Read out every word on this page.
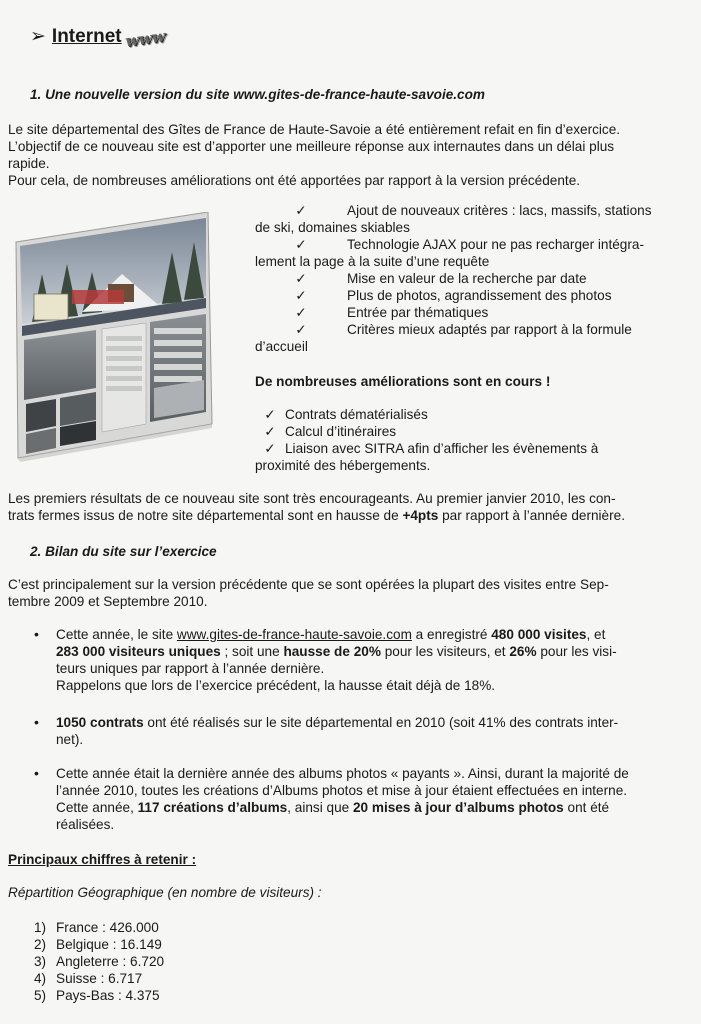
➢ Internet www
1. Une nouvelle version du site www.gites-de-france-haute-savoie.com

Le site départemental des Gîtes de France de Haute-Savoie a été entièrement refait en fin d’exercice.

L’objectif de ce nouveau site est d’apporter une meilleure réponse aux internautes dans un délai plus

rapide.

Pour cela, de nombreuses améliorations ont été apportées par rapport à la version précédente.

✓	Ajout de nouveaux critères : lacs, massifs, stations
de ski, domaines skiables
✓	Technologie AJAX pour ne pas recharger intégra-
lement la page à la suite d’une requête
✓	Mise en valeur de la recherche par date
✓	Plus de photos, agrandissement des photos
✓	Entrée par thématiques
✓	Critères mieux adaptés par rapport à la formule
d’accueil
De nombreuses améliorations sont en cours !
✓ Contrats dématérialisés
✓ Calcul d’itinéraires
✓ Liaison avec SITRA afin d’afficher les évènements à
proximité des hébergements.

Les premiers résultats de ce nouveau site sont très encourageants. Au premier janvier 2010, les con-

trats fermes issus de notre site départemental sont en hausse de +4pts par rapport à l’année dernière.

2. Bilan du site sur l’exercice

C’est principalement sur la version précédente que se sont opérées la plupart des visites entre Sep-

tembre 2009 et Septembre 2010.

• Cette année, le site www.gites-de-france-haute-savoie.com a enregistré 480 000 visites, et

283 000 visiteurs uniques ; soit une hausse de 20% pour les visiteurs, et 26% pour les visi-

teurs uniques par rapport à l’année dernière.

Rappelons que lors de l’exercice précédent, la hausse était déjà de 18%.

• 1050 contrats ont été réalisés sur le site départemental en 2010 (soit 41% des contrats inter-

net).

• Cette année était la dernière année des albums photos « payants ». Ainsi, durant la majorité de

l’année 2010, toutes les créations d’Albums photos et mise à jour étaient effectuées en interne.

Cette année, 117 créations d’albums, ainsi que 20 mises à jour d’albums photos ont été

réalisées.

Principaux chiffres à retenir :
Répartition Géographique (en nombre de visiteurs) :
1) France : 426.000
2) Belgique : 16.149
3) Angleterre : 6.720
4) Suisse : 6.717
5) Pays-Bas : 4.375
